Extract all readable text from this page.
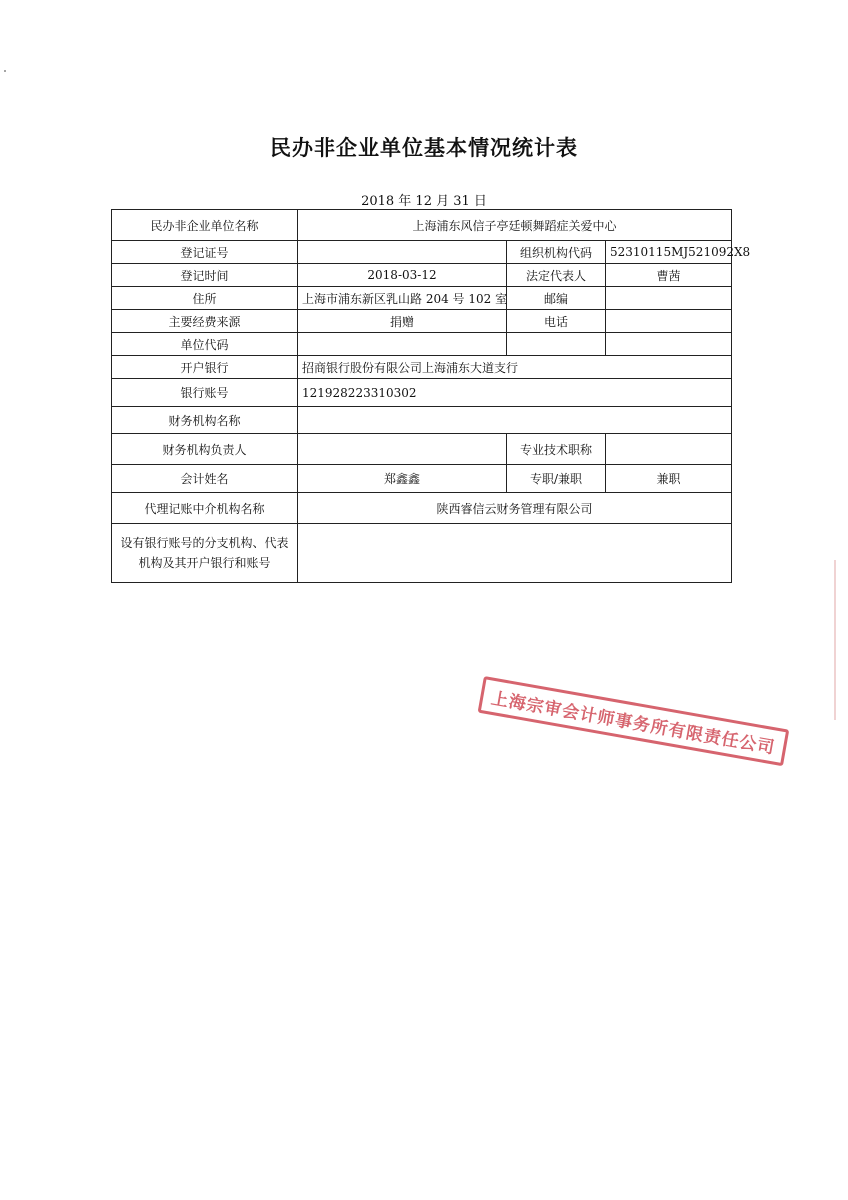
民办非企业单位基本情况统计表
2018 年 12 月 31 日
民办非企业单位名称	上海浦东风信子亭廷顿舞蹈症关爱中心		
登记证号		组织机构代码	52310115MJ521092X8
登记时间	2018-03-12	法定代表人	曹茜
住所	上海市浦东新区乳山路 204 号 102 室	邮编	
主要经费来源	捐赠	电话	
单位代码			
开户银行	招商银行股份有限公司上海浦东大道支行		
银行账号	121928223310302		
财务机构名称			
财务机构负责人		专业技术职称	
会计姓名	郑鑫鑫	专职/兼职	兼职
代理记账中介机构名称	陕西睿信云财务管理有限公司		
设有银行账号的分支机构、代表机构及其开户银行和账号			
上海宗审会计师事务所有限责任公司
